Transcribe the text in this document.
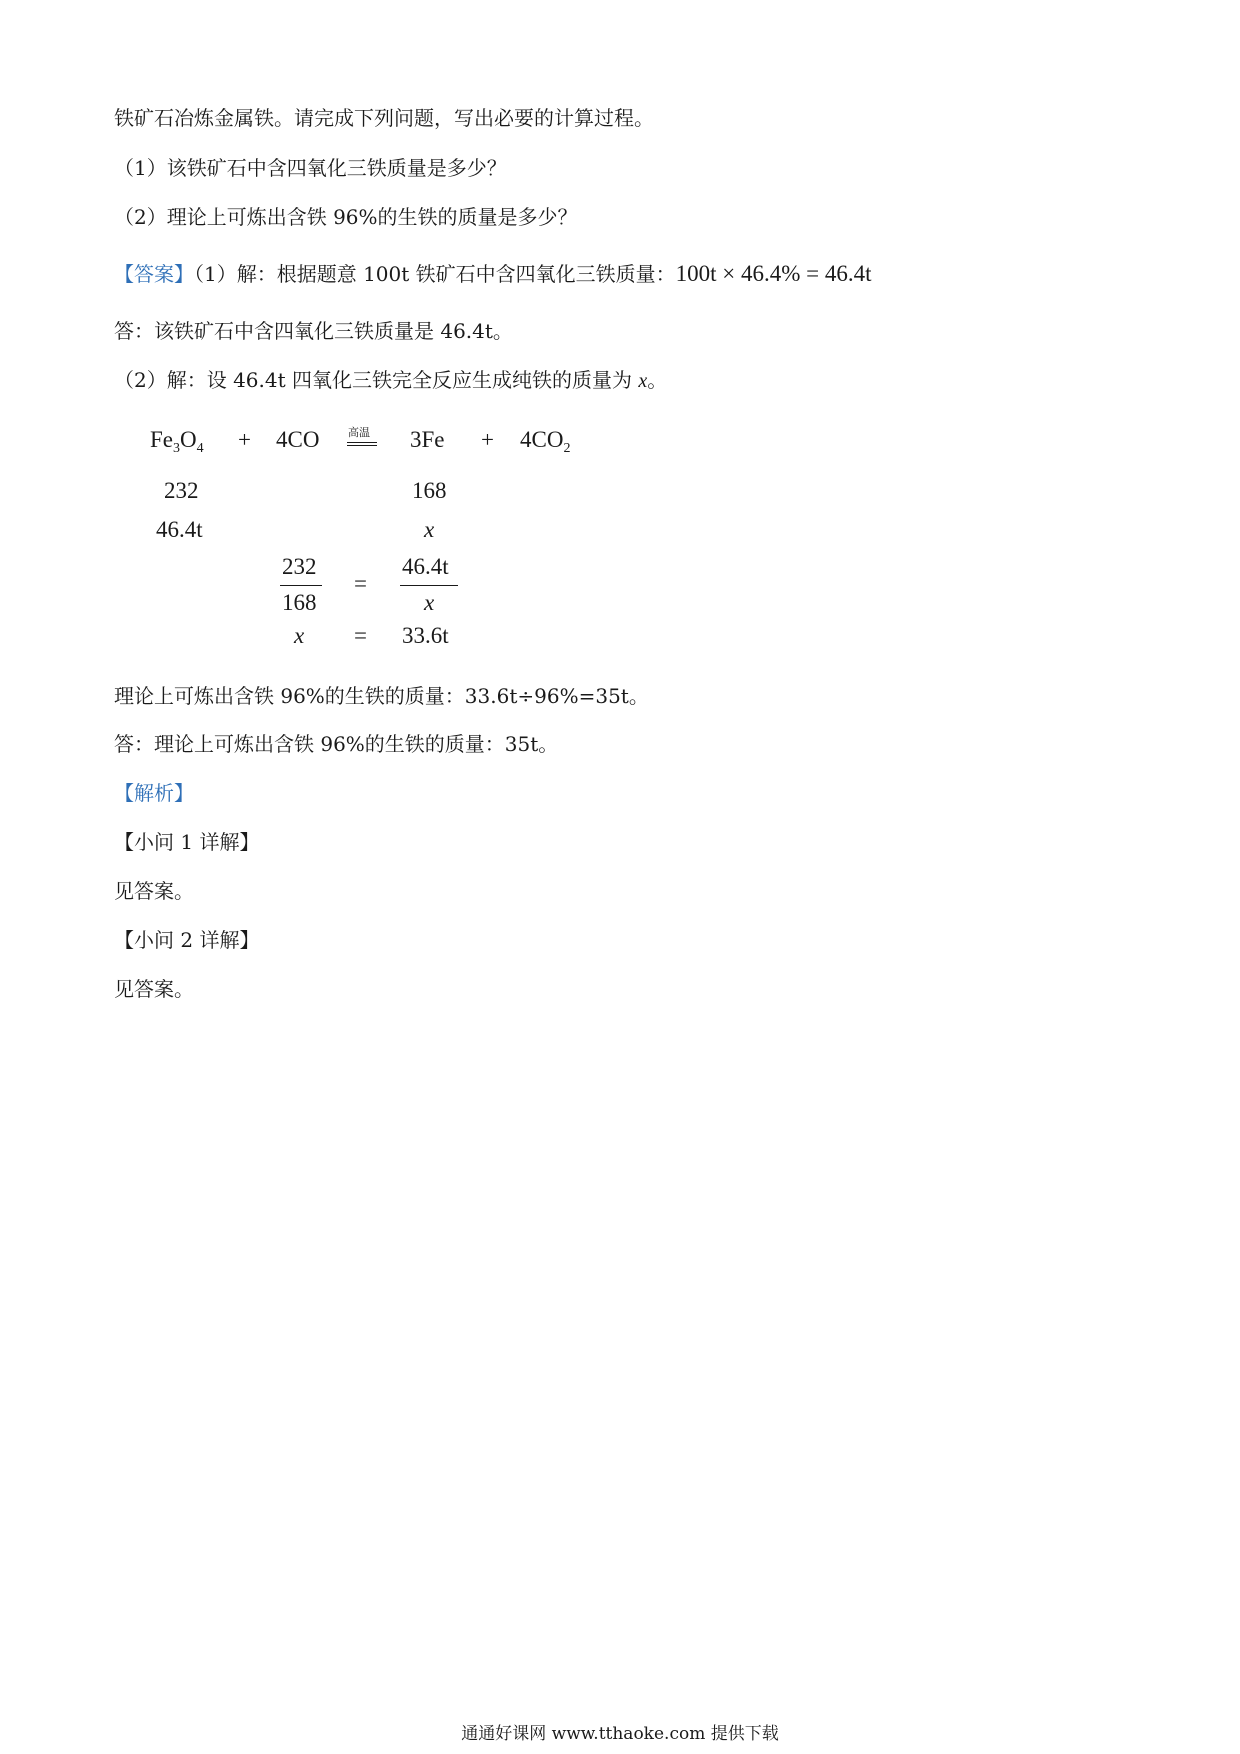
铁矿石冶炼金属铁。请完成下列问题，写出必要的计算过程。
（1）该铁矿石中含四氧化三铁质量是多少？
（2）理论上可炼出含铁 96%的生铁的质量是多少？
【答案】（1）解：根据题意 100t 铁矿石中含四氧化三铁质量：100t × 46.4% = 46.4t
答：该铁矿石中含四氧化三铁质量是 46.4t。
（2）解：设 46.4t 四氧化三铁完全反应生成纯铁的质量为 x。
$Fe_3O_4 + 4CO$	高温 $3Fe + 4CO_2$
232	168
46.4t	x
232
168
=
46.4t
x
x = 33.6t
理论上可炼出含铁 96%的生铁的质量：33.6t÷96%=35t。
答：理论上可炼出含铁 96%的生铁的质量：35t。
【解析】
【小问 1 详解】
见答案。
【小问 2 详解】
见答案。
通通好课网 www.tthaoke.com 提供下载
